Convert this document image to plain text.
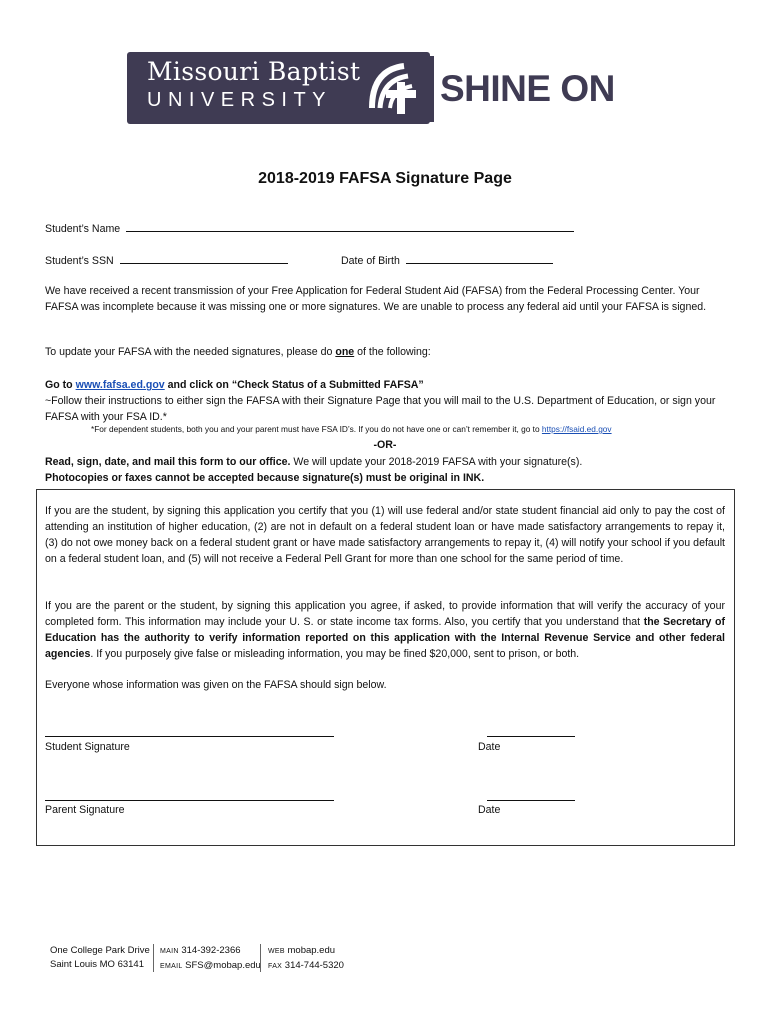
Missouri Baptist
UNIVERSITY	SHINE ON
2018-2019 FAFSA Signature Page
Student’s Name
Student’s SSN	Date of Birth
We have received a recent transmission of your Free Application for Federal Student Aid (FAFSA) from the Federal Processing Center. Your FAFSA was incomplete because it was missing one or more signatures. We are unable to process any federal aid until your FAFSA is signed.
To update your FAFSA with the needed signatures, please do one of the following:
Go to www.fafsa.ed.gov and click on “Check Status of a Submitted FAFSA”
~Follow their instructions to either sign the FAFSA with their Signature Page that you will mail to the U.S. Department of Education, or sign your FAFSA with your FSA ID.*
*For dependent students, both you and your parent must have FSA ID’s. If you do not have one or can’t remember it, go to https://fsaid.ed.gov
-OR-
Read, sign, date, and mail this form to our office. We will update your 2018-2019 FAFSA with your signature(s).
Photocopies or faxes cannot be accepted because signature(s) must be original in INK.
If you are the student, by signing this application you certify that you (1) will use federal and/or state student financial aid only to pay the cost of attending an institution of higher education, (2) are not in default on a federal student loan or have made satisfactory arrangements to repay it, (3) do not owe money back on a federal student grant or have made satisfactory arrangements to repay it, (4) will notify your school if you default on a federal student loan, and (5) will not receive a Federal Pell Grant for more than one school for the same period of time.
If you are the parent or the student, by signing this application you agree, if asked, to provide information that will verify the accuracy of your completed form. This information may include your U. S. or state income tax forms. Also, you certify that you understand that the Secretary of Education has the authority to verify information reported on this application with the Internal Revenue Service and other federal agencies. If you purposely give false or misleading information, you may be fined $20,000, sent to prison, or both.
Everyone whose information was given on the FAFSA should sign below.
Student Signature	Date
Parent Signature	Date
One College Park Drive
Saint Louis MO 63141
MAIN 314-392-2366
EMAIL SFS@mobap.edu
WEB mobap.edu
FAX 314-744-5320
